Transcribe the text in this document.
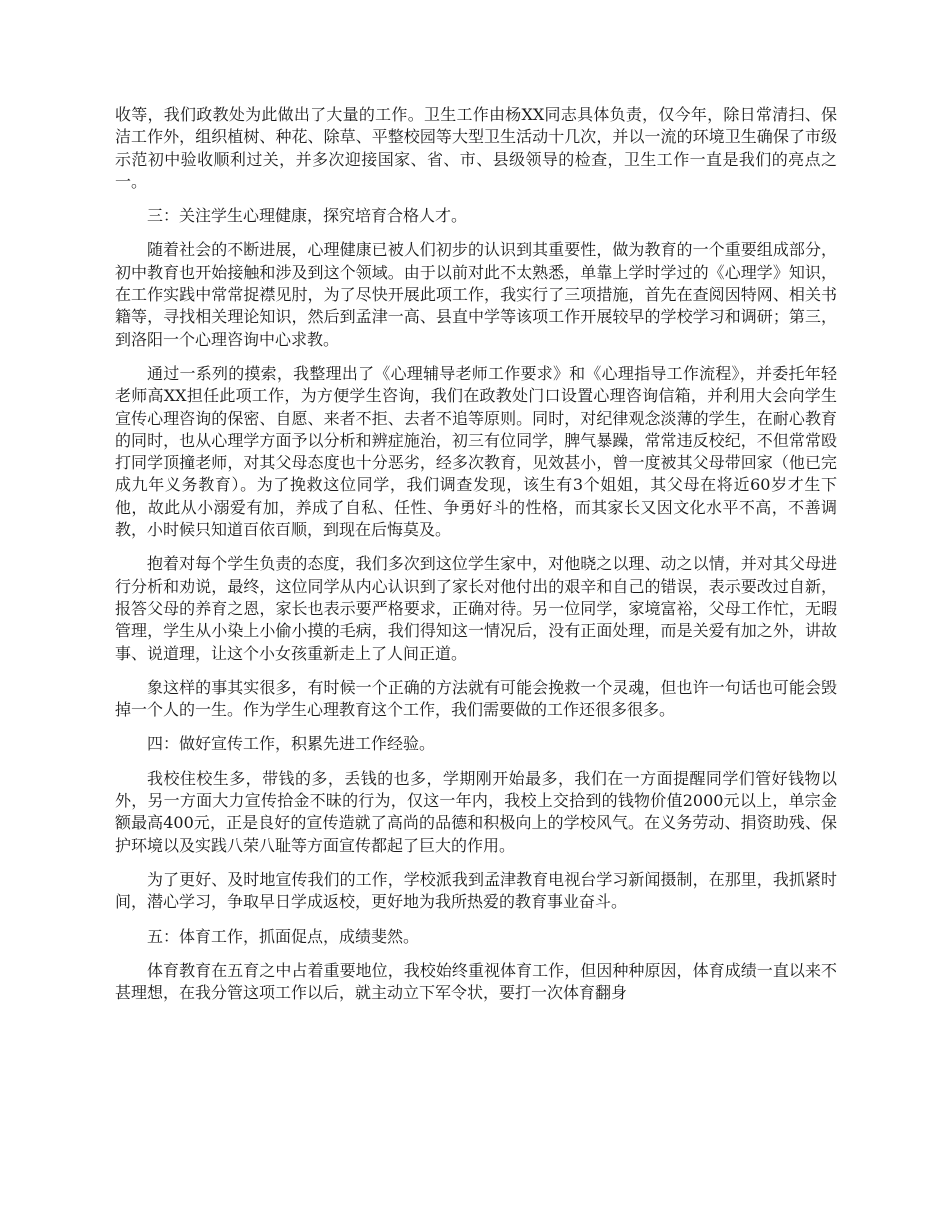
收等，我们政教处为此做出了大量的工作。卫生工作由杨XX同志具体负责，仅今年，除日常清扫、保洁工作外，组织植树、种花、除草、平整校园等大型卫生活动十几次，并以一流的环境卫生确保了市级示范初中验收顺利过关，并多次迎接国家、省、市、县级领导的检查，卫生工作一直是我们的亮点之一。

三：关注学生心理健康，探究培育合格人才。

随着社会的不断进展，心理健康已被人们初步的认识到其重要性，做为教育的一个重要组成部分，初中教育也开始接触和涉及到这个领域。由于以前对此不太熟悉，单靠上学时学过的《心理学》知识，在工作实践中常常捉襟见肘，为了尽快开展此项工作，我实行了三项措施，首先在查阅因特网、相关书籍等，寻找相关理论知识，然后到孟津一高、县直中学等该项工作开展较早的学校学习和调研；第三，到洛阳一个心理咨询中心求教。

通过一系列的摸索，我整理出了《心理辅导老师工作要求》和《心理指导工作流程》，并委托年轻老师高XX担任此项工作，为方便学生咨询，我们在政教处门口设置心理咨询信箱，并利用大会向学生宣传心理咨询的保密、自愿、来者不拒、去者不追等原则。同时，对纪律观念淡薄的学生，在耐心教育的同时，也从心理学方面予以分析和辨症施治，初三有位同学，脾气暴躁，常常违反校纪，不但常常殴打同学顶撞老师，对其父母态度也十分恶劣，经多次教育，见效甚小，曾一度被其父母带回家（他已完成九年义务教育）。为了挽救这位同学，我们调查发现，该生有3个姐姐，其父母在将近60岁才生下他，故此从小溺爱有加，养成了自私、任性、争勇好斗的性格，而其家长又因文化水平不高，不善调教，小时候只知道百依百顺，到现在后悔莫及。

抱着对每个学生负责的态度，我们多次到这位学生家中，对他晓之以理、动之以情，并对其父母进行分析和劝说，最终，这位同学从内心认识到了家长对他付出的艰辛和自己的错误，表示要改过自新，报答父母的养育之恩，家长也表示要严格要求，正确对待。另一位同学，家境富裕，父母工作忙，无暇管理，学生从小染上小偷小摸的毛病，我们得知这一情况后，没有正面处理，而是关爱有加之外，讲故事、说道理，让这个小女孩重新走上了人间正道。

象这样的事其实很多，有时候一个正确的方法就有可能会挽救一个灵魂，但也许一句话也可能会毁掉一个人的一生。作为学生心理教育这个工作，我们需要做的工作还很多很多。

四：做好宣传工作，积累先进工作经验。

我校住校生多，带钱的多，丢钱的也多，学期刚开始最多，我们在一方面提醒同学们管好钱物以外，另一方面大力宣传拾金不昧的行为，仅这一年内，我校上交拾到的钱物价值2000元以上，单宗金额最高400元，正是良好的宣传造就了高尚的品德和积极向上的学校风气。在义务劳动、捐资助残、保护环境以及实践八荣八耻等方面宣传都起了巨大的作用。

为了更好、及时地宣传我们的工作，学校派我到孟津教育电视台学习新闻摄制，在那里，我抓紧时间，潜心学习，争取早日学成返校，更好地为我所热爱的教育事业奋斗。

五：体育工作，抓面促点，成绩斐然。

体育教育在五育之中占着重要地位，我校始终重视体育工作，但因种种原因，体育成绩一直以来不甚理想，在我分管这项工作以后，就主动立下军令状，要打一次体育翻身
